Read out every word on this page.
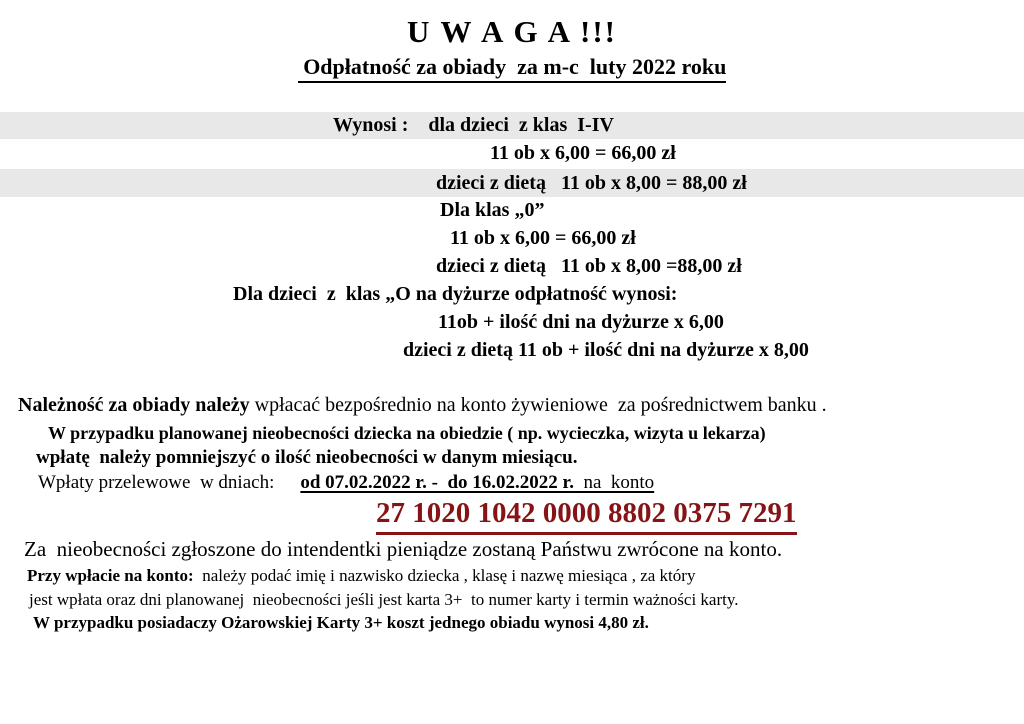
U W A G A !!!
Odpłatność za obiady  za m-c  luty 2022 roku
Wynosi :    dla dzieci  z klas  I-IV
11 ob x 6,00 = 66,00 zł
dzieci z dietą   11 ob x 8,00 = 88,00 zł
Dla klas „0”
11 ob x 6,00 = 66,00 zł
dzieci z dietą   11 ob x 8,00 =88,00 zł
Dla dzieci  z  klas „O na dyżurze odpłatność wynosi:
11ob + ilość dni na dyżurze x 6,00
dzieci z dietą 11 ob + ilość dni na dyżurze x 8,00
Należność za obiady należy wpłacać bezpośrednio na konto żywieniowe  za pośrednictwem banku .
W przypadku planowanej nieobecności dziecka na obiedzie ( np. wycieczka, wizyta u lekarza)
wpłatę  należy pomniejszyć o ilość nieobecności w danym miesiącu.
Wpłaty przelewowe  w dniach: od 07.02.2022 r. -  do 16.02.2022 r.  na  konto
27 1020 1042 0000 8802 0375 7291
Za  nieobecności zgłoszone do intendentki pieniądze zostaną Państwu zwrócone na konto.
Przy wpłacie na konto:  należy podać imię i nazwisko dziecka , klasę i nazwę miesiąca , za który
jest wpłata oraz dni planowanej  nieobecności jeśli jest karta 3+  to numer karty i termin ważności karty.
W przypadku posiadaczy Ożarowskiej Karty 3+ koszt jednego obiadu wynosi 4,80 zł.
